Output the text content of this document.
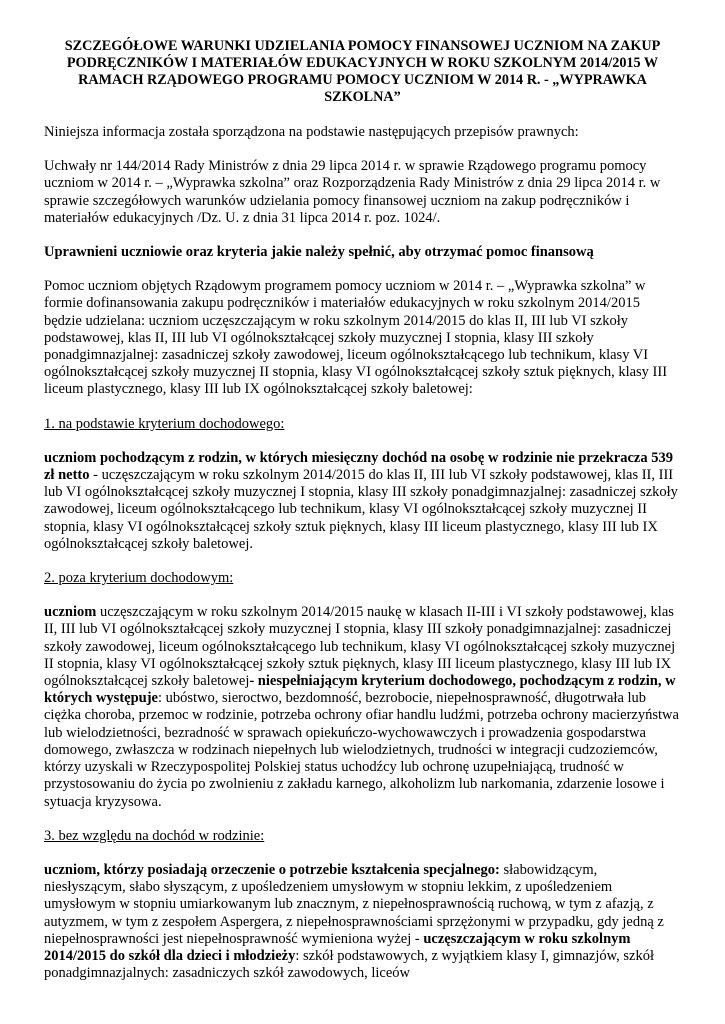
SZCZEGÓŁOWE WARUNKI UDZIELANIA POMOCY FINANSOWEJ UCZNIOM NA ZAKUP PODRĘCZNIKÓW I MATERIAŁÓW EDUKACYJNYCH W ROKU SZKOLNYM 2014/2015 W RAMACH RZĄDOWEGO PROGRAMU POMOCY UCZNIOM W 2014 R. - „WYPRAWKA SZKOLNA”

Niniejsza informacja została sporządzona na podstawie następujących przepisów prawnych:

Uchwały nr 144/2014 Rady Ministrów z dnia 29 lipca 2014 r. w sprawie Rządowego programu pomocy uczniom w 2014 r. – „Wyprawka szkolna” oraz Rozporządzenia Rady Ministrów z dnia 29 lipca 2014 r. w sprawie szczegółowych warunków udzielania pomocy finansowej uczniom na zakup podręczników i materiałów edukacyjnych /Dz. U. z dnia 31 lipca 2014 r. poz. 1024/.

Uprawnieni uczniowie oraz kryteria jakie należy spełnić, aby otrzymać pomoc finansową

Pomoc uczniom objętych Rządowym programem pomocy uczniom w 2014 r. – „Wyprawka szkolna” w formie dofinansowania zakupu podręczników i materiałów edukacyjnych w roku szkolnym 2014/2015 będzie udzielana: uczniom uczęszczającym w roku szkolnym 2014/2015 do klas II, III lub VI szkoły podstawowej, klas II, III lub VI ogólnokształcącej szkoły muzycznej I stopnia, klasy III szkoły ponadgimnazjalnej: zasadniczej szkoły zawodowej, liceum ogólnokształcącego lub technikum, klasy VI ogólnokształcącej szkoły muzycznej II stopnia, klasy VI ogólnokształcącej szkoły sztuk pięknych, klasy III liceum plastycznego, klasy III lub IX ogólnokształcącej szkoły baletowej:

1. na podstawie kryterium dochodowego:

uczniom pochodzącym z rodzin, w których miesięczny dochód na osobę w rodzinie nie przekracza 539 zł netto - uczęszczającym w roku szkolnym 2014/2015 do klas II, III lub VI szkoły podstawowej, klas II, III lub VI ogólnokształcącej szkoły muzycznej I stopnia, klasy III szkoły ponadgimnazjalnej: zasadniczej szkoły zawodowej, liceum ogólnokształcącego lub technikum, klasy VI ogólnokształcącej szkoły muzycznej II stopnia, klasy VI ogólnokształcącej szkoły sztuk pięknych, klasy III liceum plastycznego, klasy III lub IX ogólnokształcącej szkoły baletowej.

2. poza kryterium dochodowym:

uczniom uczęszczającym w roku szkolnym 2014/2015 naukę w klasach II-III i VI szkoły podstawowej, klas II, III lub VI ogólnokształcącej szkoły muzycznej I stopnia, klasy III szkoły ponadgimnazjalnej: zasadniczej szkoły zawodowej, liceum ogólnokształcącego lub technikum, klasy VI ogólnokształcącej szkoły muzycznej II stopnia, klasy VI ogólnokształcącej szkoły sztuk pięknych, klasy III liceum plastycznego, klasy III lub IX ogólnokształcącej szkoły baletowej- niespełniającym kryterium dochodowego, pochodzącym z rodzin, w których występuje: ubóstwo, sieroctwo, bezdomność, bezrobocie, niepełnosprawność, długotrwała lub ciężka choroba, przemoc w rodzinie, potrzeba ochrony ofiar handlu ludźmi, potrzeba ochrony macierzyństwa lub wielodzietności, bezradność w sprawach opiekuńczo-wychowawczych i prowadzenia gospodarstwa domowego, zwłaszcza w rodzinach niepełnych lub wielodzietnych, trudności w integracji cudzoziemców, którzy uzyskali w Rzeczypospolitej Polskiej status uchodźcy lub ochronę uzupełniającą, trudność w przystosowaniu do życia po zwolnieniu z zakładu karnego, alkoholizm lub narkomania, zdarzenie losowe i sytuacja kryzysowa.

3. bez względu na dochód w rodzinie:

uczniom, którzy posiadają orzeczenie o potrzebie kształcenia specjalnego: słabowidzącym, niesłyszącym, słabo słyszącym, z upośledzeniem umysłowym w stopniu lekkim, z upośledzeniem umysłowym w stopniu umiarkowanym lub znacznym, z niepełnosprawnością ruchową, w tym z afazją, z autyzmem, w tym z zespołem Aspergera, z niepełnosprawnościami sprzężonymi w przypadku, gdy jedną z niepełnosprawności jest niepełnosprawność wymieniona wyżej - uczęszczającym w roku szkolnym 2014/2015 do szkół dla dzieci i młodzieży: szkół podstawowych, z wyjątkiem klasy I, gimnazjów, szkół ponadgimnazjalnych: zasadniczych szkół zawodowych, liceów
